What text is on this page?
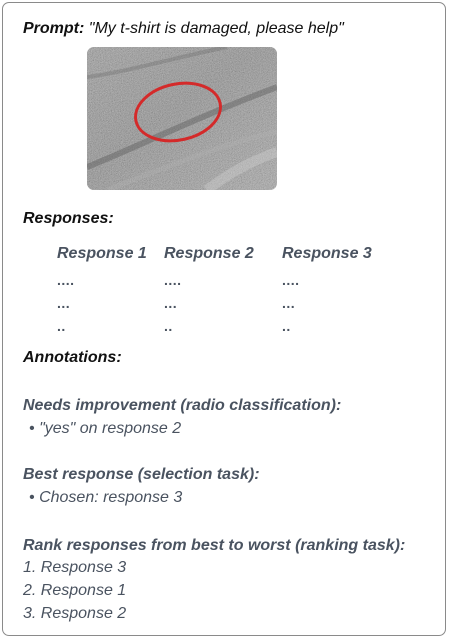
Prompt: "My t-shirt is damaged, please help"
Responses:
Response 1 Response 2 Response 3
....
...
..
....
...
..
....
...
..
Annotations:
Needs improvement (radio classification):
• "yes" on response 2
Best response (selection task):
• Chosen: response 3
Rank responses from best to worst (ranking task):
1. Response 3
2. Response 1
3. Response 2
